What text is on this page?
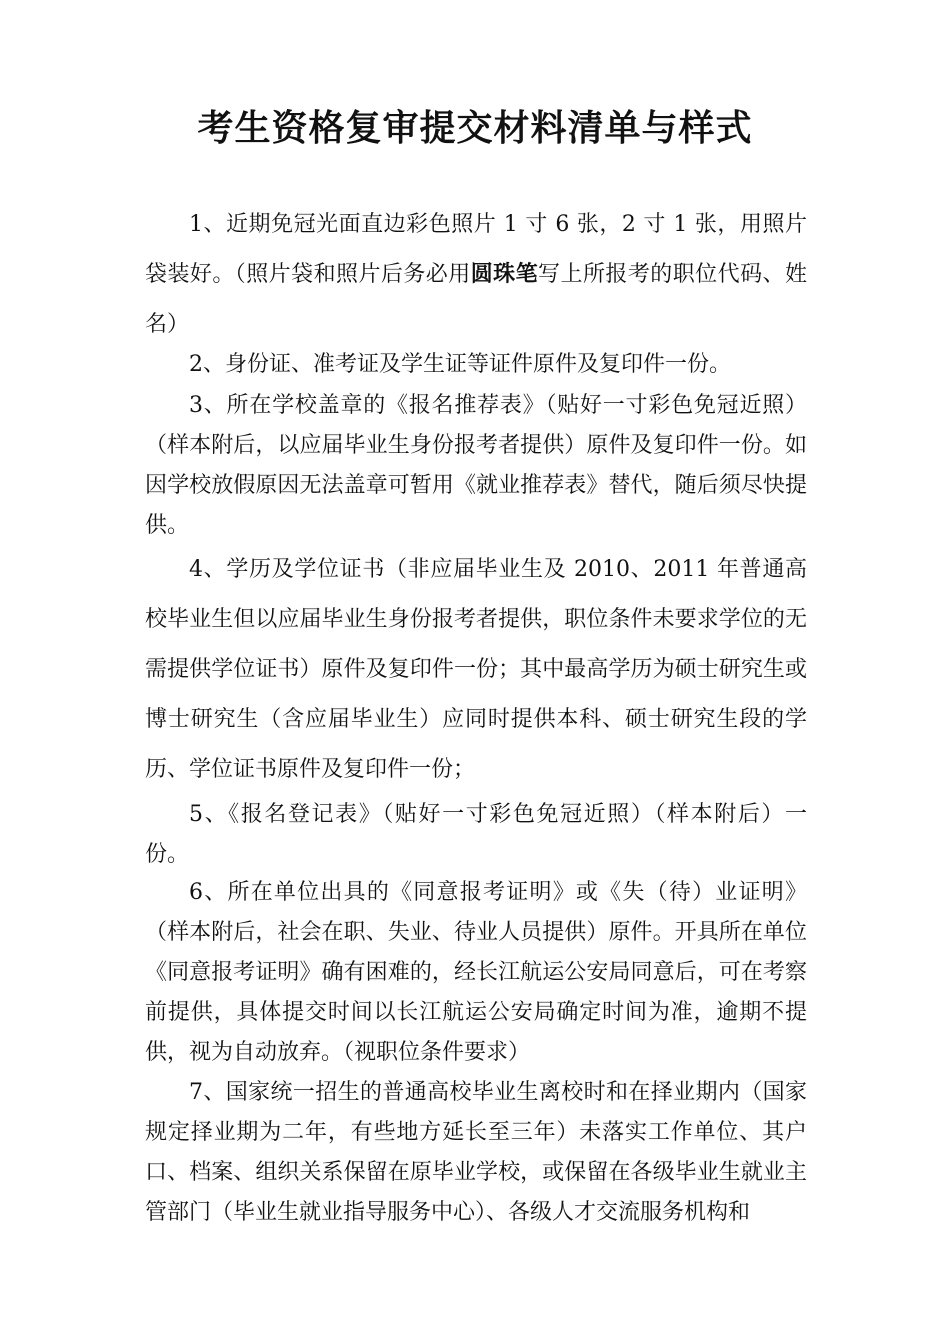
考生资格复审提交材料清单与样式

1、近期免冠光面直边彩色照片 1 寸 6 张，2 寸 1 张，用照片袋装好。（照片袋和照片后务必用圆珠笔写上所报考的职位代码、姓名）

2、身份证、准考证及学生证等证件原件及复印件一份。

3、所在学校盖章的《报名推荐表》（贴好一寸彩色免冠近照）（样本附后，以应届毕业生身份报考者提供）原件及复印件一份。如因学校放假原因无法盖章可暂用《就业推荐表》替代，随后须尽快提供。

4、学历及学位证书（非应届毕业生及 2010、2011 年普通高校毕业生但以应届毕业生身份报考者提供，职位条件未要求学位的无需提供学位证书）原件及复印件一份；其中最高学历为硕士研究生或博士研究生（含应届毕业生）应同时提供本科、硕士研究生段的学历、学位证书原件及复印件一份；

5、《报名登记表》（贴好一寸彩色免冠近照）（样本附后）一份。

6、所在单位出具的《同意报考证明》或《失（待）业证明》（样本附后，社会在职、失业、待业人员提供）原件。开具所在单位《同意报考证明》确有困难的，经长江航运公安局同意后，可在考察前提供，具体提交时间以长江航运公安局确定时间为准，逾期不提供，视为自动放弃。（视职位条件要求）

7、国家统一招生的普通高校毕业生离校时和在择业期内（国家规定择业期为二年，有些地方延长至三年）未落实工作单位、其户口、档案、组织关系保留在原毕业学校，或保留在各级毕业生就业主管部门（毕业生就业指导服务中心）、各级人才交流服务机构和
